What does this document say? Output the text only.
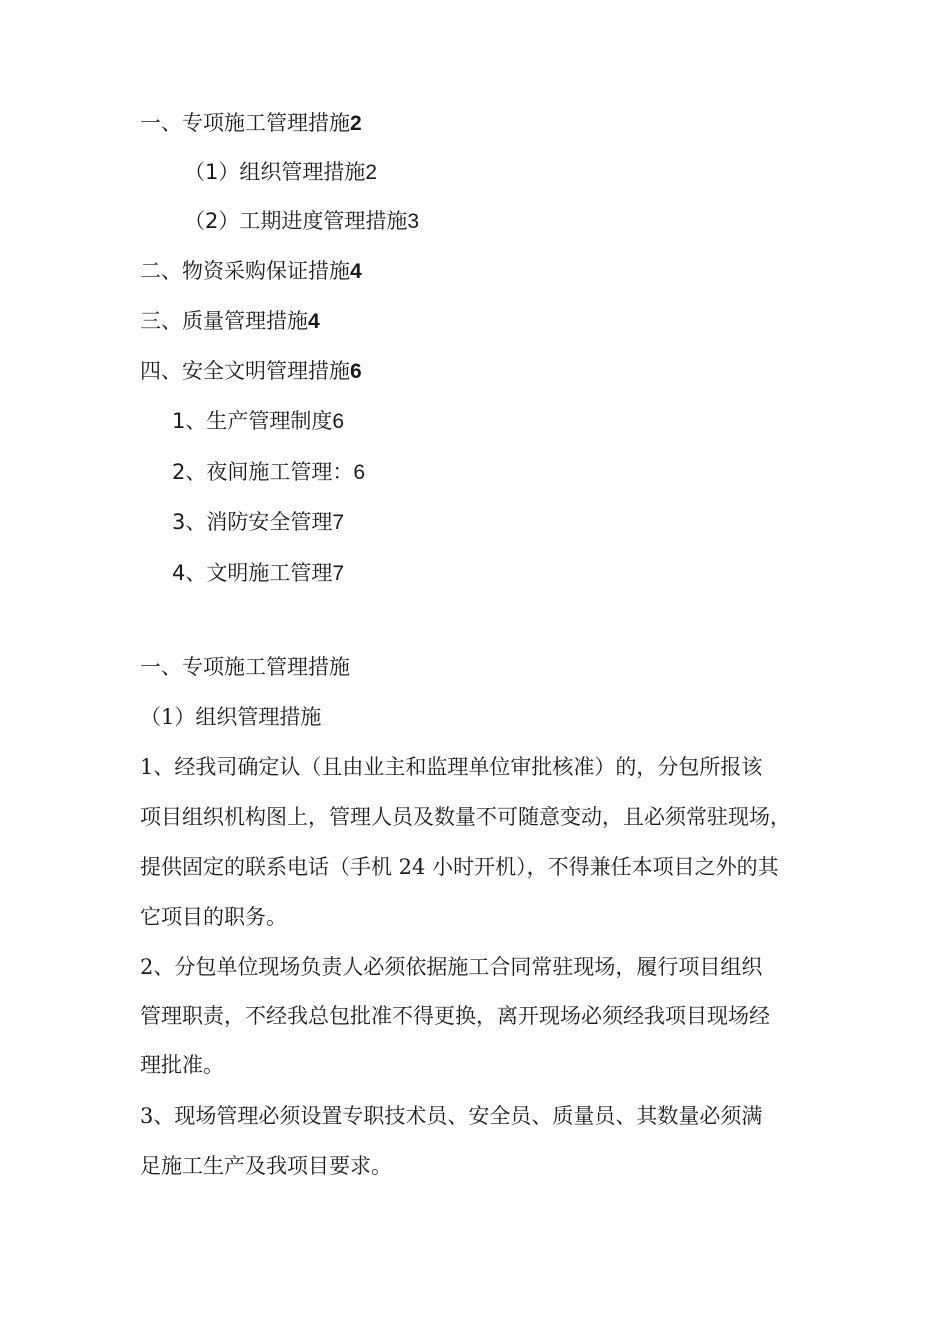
一、专项施工管理措施2
（1）组织管理措施2
（2）工期进度管理措施3
二、物资采购保证措施4
三、质量管理措施4
四、安全文明管理措施6
1、生产管理制度6
2、夜间施工管理：6
3、消防安全管理7
4、文明施工管理7
一、专项施工管理措施
（1）组织管理措施
1、经我司确定认（且由业主和监理单位审批核准）的，分包所报该
项目组织机构图上，管理人员及数量不可随意变动，且必须常驻现场，
提供固定的联系电话（手机 24 小时开机），不得兼任本项目之外的其
它项目的职务。
2、分包单位现场负责人必须依据施工合同常驻现场，履行项目组织
管理职责，不经我总包批准不得更换，离开现场必须经我项目现场经
理批准。
3、现场管理必须设置专职技术员、安全员、质量员、其数量必须满
足施工生产及我项目要求。
